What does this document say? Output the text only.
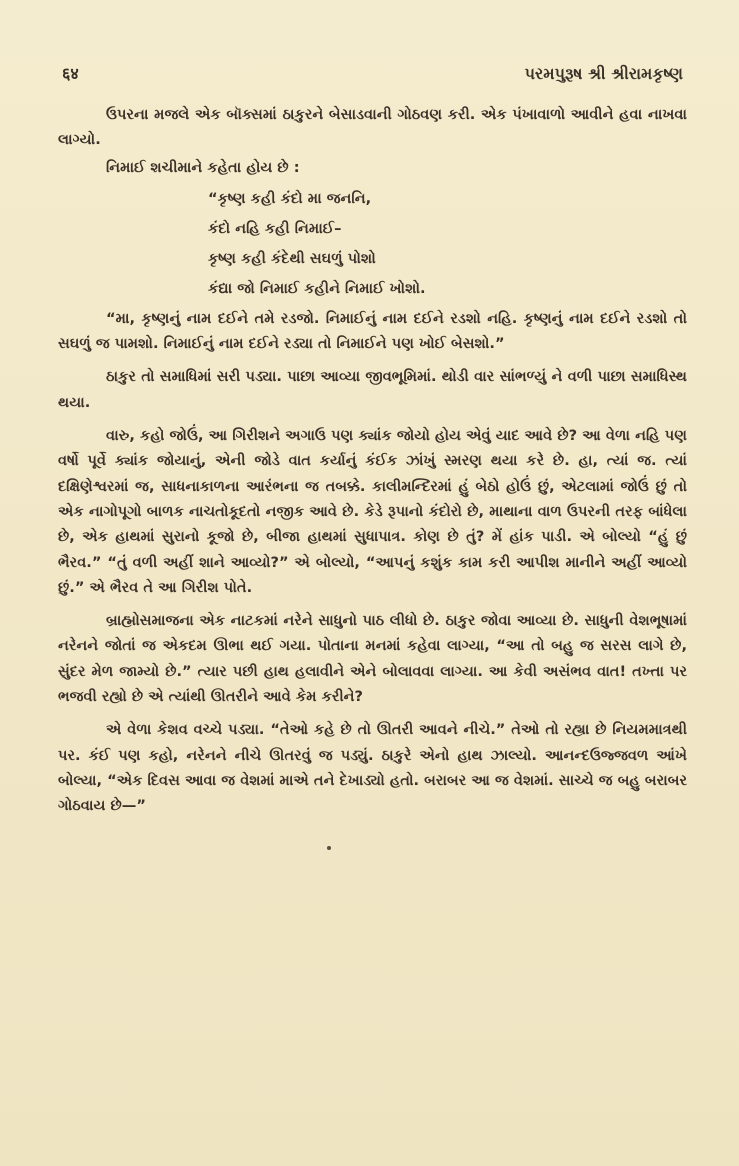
६४	પરમપુરૂષ શ્રી શ્રીરામકૃષ્ણ

ઉપરના મજલે એક બૉક્સમાં ઠાકુરને બેસાડવાની ગોઠવણ કરી. એક પંખાવાળો આવીને હવા નાખવા લાગ્યો.

નિમાઈ શચીમાને કહેતા હોય છે :

“કૃષ્ણ કહી કંદો મા જનનિ,
કંદો નહિ કહી નિમાઈ–
કૃષ્ણ કહી કંદેથી સઘળું પોશો
કંદ્યા જો નિમાઈ કહીને નિમાઈ ખોશો.

“મા, કૃષ્ણનું નામ દઈને તમે રડજો. નિમાઈનું નામ દઈને રડશો નહિ. કૃષ્ણનું નામ દઈને રડશો તો સઘળું જ પામશો. નિમાઈનું નામ દઈને રડ્યા તો નિમાઈને પણ ખોઈ બેસશો.”

ઠાકુર તો સમાધિમાં સરી પડ્યા. પાછા આવ્યા જીવભૂમિમાં. થોડી વાર સાંભળ્યું ને વળી પાછા સમાધિસ્થ થયા.

વારુ, કહો જોઉં, આ ગિરીશને અગાઉ પણ ક્યાંક જોયો હોય એવું યાદ આવે છે? આ વેળા નહિ પણ વર્ષો પૂર્વે ક્યાંક જોયાનું, એની જોડે વાત કર્યાનું કંઈક ઝાંખું સ્મરણ થયા કરે છે. હા, ત્યાં જ. ત્યાં દક્ષિણેશ્વરમાં જ, સાધનાકાળના આરંભના જ તબક્કે. કાલીમન્દિરમાં હું બેઠો હોઉં છું, એટલામાં જોઉં છું તો એક નાગોપૂગો બાળક નાચતોકૂદતો નજીક આવે છે. કેડે રૂપાનો કંદોરો છે, માથાના વાળ ઉપરની તરફ બાંધેલા છે, એક હાથમાં સુરાનો કૂજો છે, બીજા હાથમાં સુધાપાત્ર. કોણ છે તું? મેં હાંક પાડી. એ બોલ્યો “હું છું ભૈરવ.” “તું વળી અહીં શાને આવ્યો?” એ બોલ્યો, “આપનું કશુંક કામ કરી આપીશ માનીને અહીં આવ્યો છું.” એ ભૈરવ તે આ ગિરીશ પોતે.

બ્રાહ્મોસમાજના એક નાટકમાં નરેને સાધુનો પાઠ લીધો છે. ઠાકુર જોવા આવ્યા છે. સાધુની વેશભૂષામાં નરેનને જોતાં જ એકદમ ઊભા થઈ ગયા. પોતાના મનમાં કહેવા લાગ્યા, “આ તો બહુ જ સરસ લાગે છે, સુંદર મેળ જામ્યો છે.” ત્યાર પછી હાથ હલાવીને એને બોલાવવા લાગ્યા. આ કેવી અસંભવ વાત! તખ્તા પર ભજવી રહ્યો છે એ ત્યાંથી ઊતરીને આવે કેમ કરીને?

એ વેળા કેશવ વચ્ચે પડ્યા. “તેઓ કહે છે તો ઊતરી આવને નીચે.” તેઓ તો રહ્યા છે નિયમમાત્રથી પર. કંઈ પણ કહો, નરેનને નીચે ઊતરવું જ પડ્યું. ઠાકુરે એનો હાથ ઝાલ્યો. આનન્દઉજ્જવળ આંખે બોલ્યા, “એક દિવસ આવા જ વેશમાં માએ તને દેખાડ્યો હતો. બરાબર આ જ વેશમાં. સાચ્ચે જ બહુ બરાબર ગોઠવાય છે—”
